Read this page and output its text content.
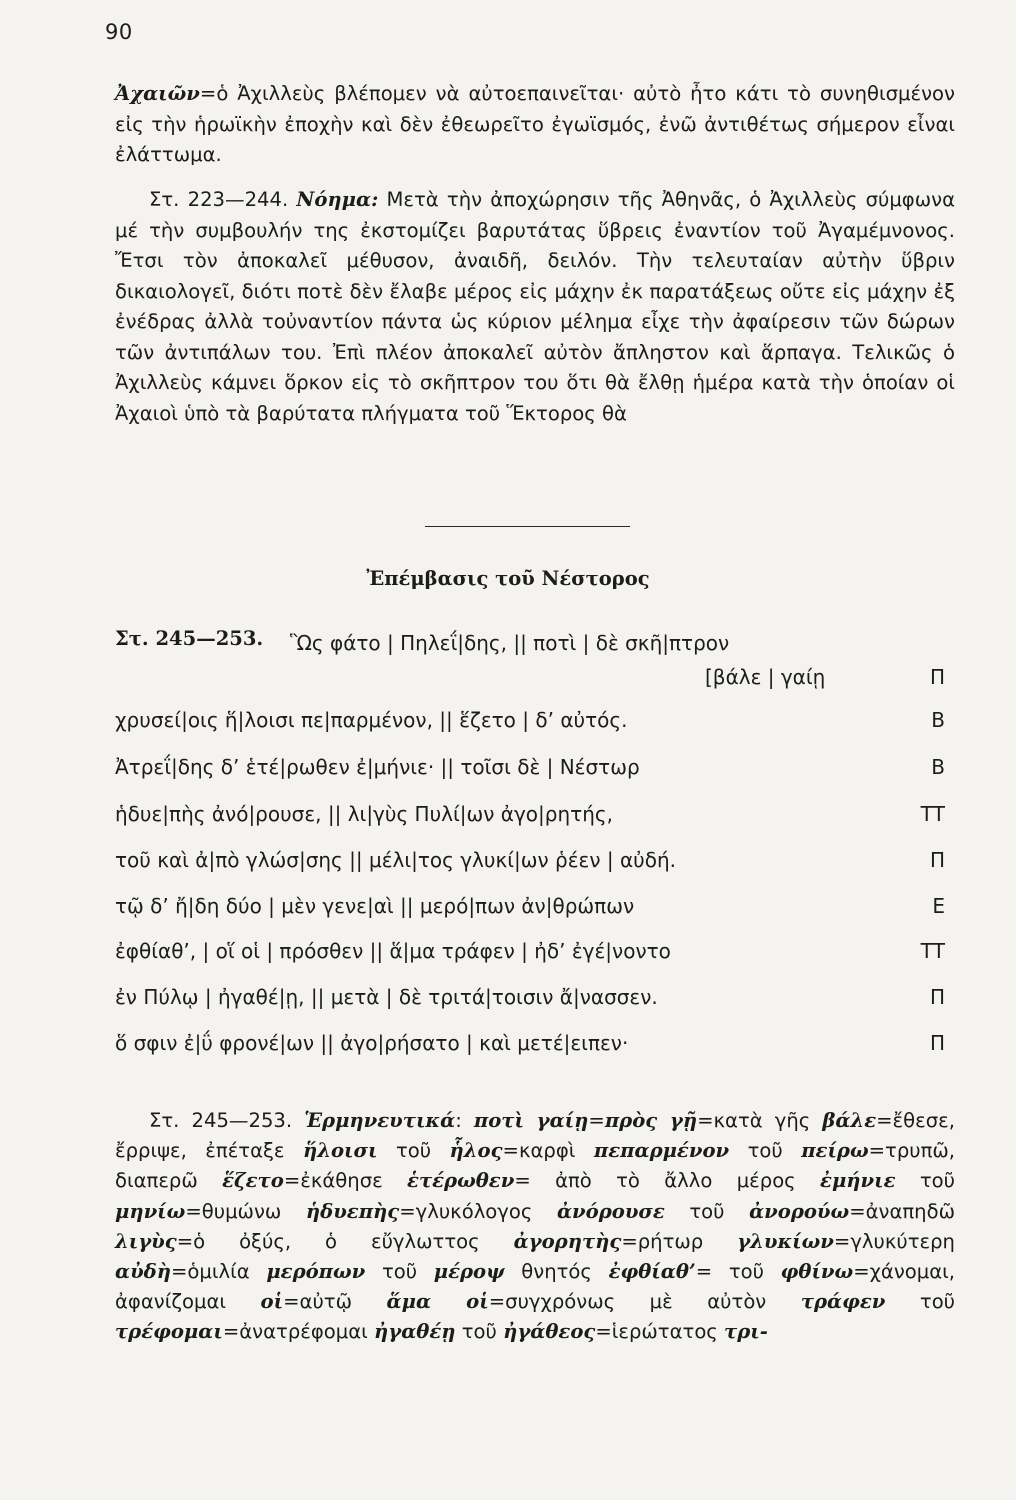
90
Ἀχαιῶν=ὁ Ἀχιλλεὺς βλέπομεν νὰ αὐτοεπαινεῖται· αὐτὸ ἦτο κάτι τὸ συνηθισμένον εἰς τὴν ἡρωϊκὴν ἐποχὴν καὶ δὲν ἐθεωρεῖτο ἐγωϊσμός, ἐνῶ ἀντιθέτως σήμερον εἶναι ἐλάττωμα.
Στ. 223—244. Νόημα: Μετὰ τὴν ἀποχώρησιν τῆς Ἀθηνᾶς, ὁ Ἀχιλλεὺς σύμφωνα μέ τὴν συμβουλήν της ἐκστομίζει βαρυτάτας ὕβρεις ἐναντίον τοῦ Ἀγαμέμνονος. Ἔτσι τὸν ἀποκαλεῖ μέθυσον, ἀναιδῆ, δειλόν. Τὴν τελευταίαν αὐτὴν ὕβριν δικαιολογεῖ, διότι ποτὲ δὲν ἔλαβε μέρος εἰς μάχην ἐκ παρατάξεως οὔτε εἰς μάχην ἐξ ἐνέδρας ἀλλὰ τοὐναντίον πάντα ὡς κύριον μέλημα εἶχε τὴν ἀφαίρεσιν τῶν δώρων τῶν ἀντιπάλων του. Ἐπὶ πλέον ἀποκαλεῖ αὐτὸν ἄπληστον καὶ ἅρπαγα. Τελικῶς ὁ Ἀχιλλεὺς κάμνει ὅρκον εἰς τὸ σκῆπτρον του ὅτι θὰ ἔλθῃ ἡμέρα κατὰ τὴν ὁποίαν οἱ Ἀχαιοὶ ὑπὸ τὰ βαρύτατα πλήγματα τοῦ Ἕκτορος θὰ
Ἐπέμβασις τοῦ Νέστορος
Στ. 245—253. Ὣς φάτο | Πηλεΐ|δης, || ποτὶ | δὲ σκῆ|πτρον
[βάλε | γαίῃ	Π
χρυσεί|οις ἥ|λοισι πε|παρμένον, || ἕζετο | δ’ αὐτός.	Β
Ἀτρεΐ|δης δ’ ἑτέ|ρωθεν ἐ|μήνιε· || τοῖσι δὲ | Νέστωρ	Β
ἡδυε|πὴς ἀνό|ρουσε, || λι|γὺς Πυλί|ων ἀγο|ρητής,	ΤΤ
τοῦ καὶ ἀ|πὸ γλώσ|σης || μέλι|τος γλυκί|ων ῥέεν | αὐδή.	Π
τῷ δ’ ἤ|δη δύο | μὲν γενε|αὶ || μερό|πων ἀν|θρώπων	Ε
ἐφθίαθ’, | οἵ οἱ | πρόσθεν || ἅ|μα τράφεν | ἠδ’ ἐγέ|νοντο	ΤΤ
ἐν Πύλῳ | ἠγαθέ|ῃ, || μετὰ | δὲ τριτά|τοισιν ἄ|νασσεν.	Π
ὅ σφιν ἐ|ΰ φρονέ|ων || ἀγο|ρήσατο | καὶ μετέ|ειπεν·	Π
Στ. 245—253. Ἑρμηνευτικά: ποτὶ γαίῃ=πρὸς γῇ=κατὰ γῆς βάλε=ἔθεσε, ἔρριψε, ἐπέταξε ἥλοισι τοῦ ἧλος=καρφὶ πεπαρμένον τοῦ πείρω=τρυπῶ, διαπερῶ ἕζετο=ἐκάθησε ἑτέρωθεν= ἀπὸ τὸ ἄλλο μέρος ἐμήνιε τοῦ μηνίω=θυμώνω ἡδυεπὴς=γλυκόλογος ἀνόρουσε τοῦ ἀνορούω=ἀναπηδῶ λιγὺς=ὁ ὀξύς, ὁ εὔγλωττος ἀγορητὴς=ρήτωρ γλυκίων=γλυκύτερη αὐδὴ=ὁμιλία μερόπων τοῦ μέροψ θνητός ἐφθίαθ’= τοῦ φθίνω=χάνομαι, ἀφανίζομαι οἱ=αὐτῷ ἅμα οἱ=συγχρόνως μὲ αὐτὸν τράφεν τοῦ τρέφομαι=ἀνατρέφομαι ἠγαθέῃ τοῦ ἠγάθεος=ἱερώτατος τρι-
